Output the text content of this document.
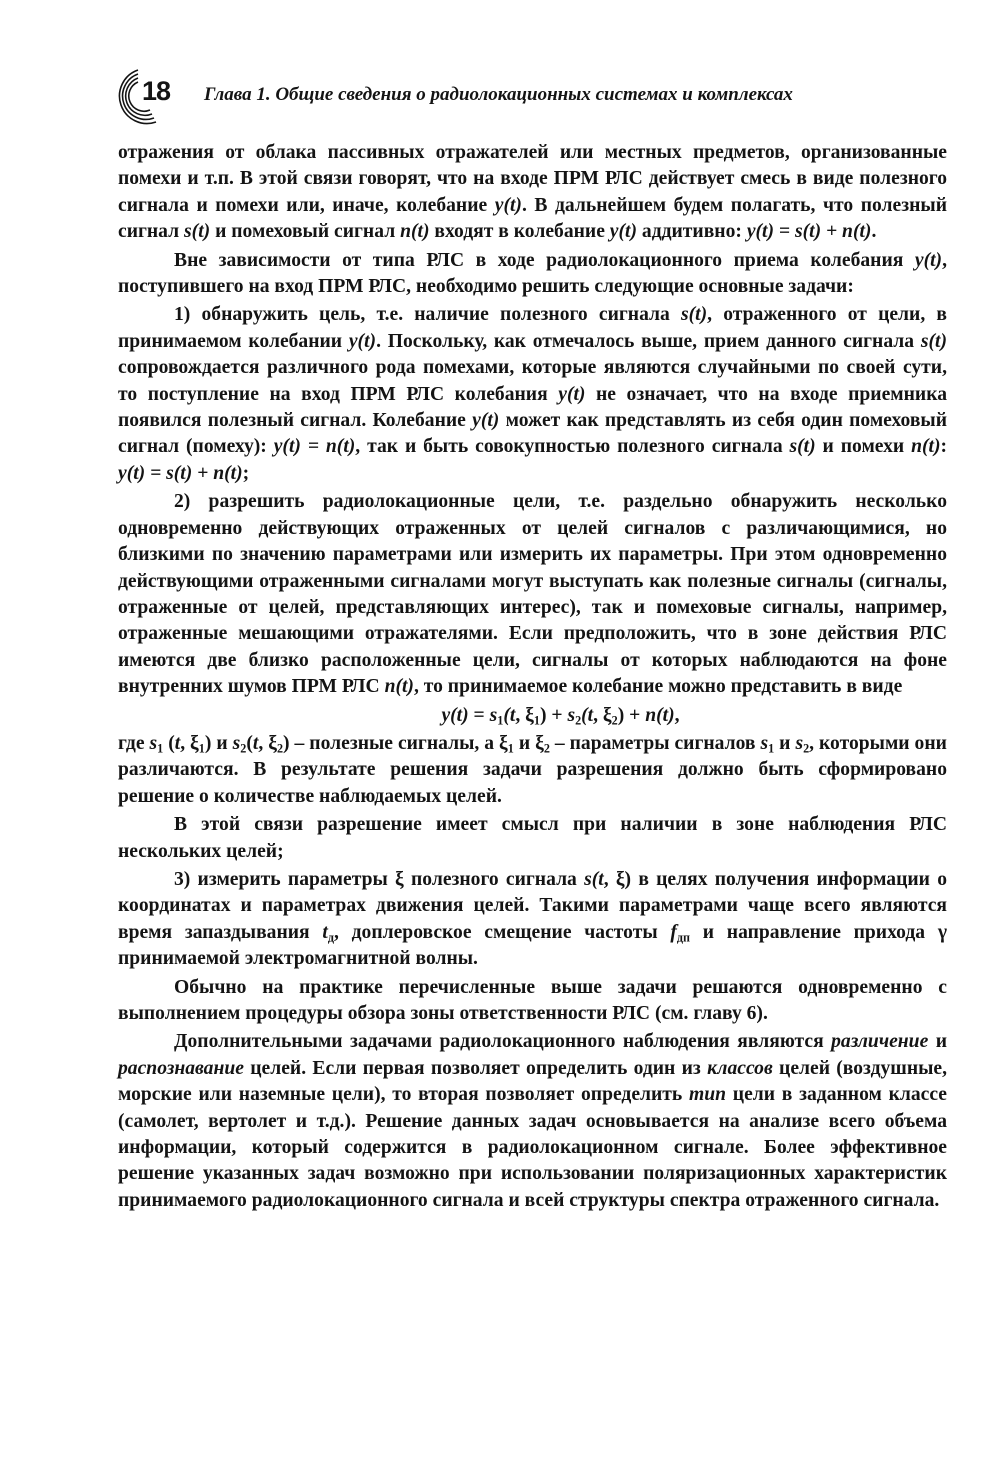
18 Глава 1. Общие сведения о радиолокационных системах и комплексах

отражения от облака пассивных отражателей или местных предметов, организованные помехи и т.п. В этой связи говорят, что на входе ПРМ РЛС действует смесь в виде полезного сигнала и помехи или, иначе, колебание y(t). В дальнейшем будем полагать, что полезный сигнал s(t) и помеховый сигнал n(t) входят в колебание y(t) аддитивно: y(t) = s(t) + n(t).

Вне зависимости от типа РЛС в ходе радиолокационного приема колебания y(t), поступившего на вход ПРМ РЛС, необходимо решить следующие основные задачи:

1) обнаружить цель, т.е. наличие полезного сигнала s(t), отраженного от цели, в принимаемом колебании y(t). Поскольку, как отмечалось выше, прием данного сигнала s(t) сопровождается различного рода помехами, которые являются случайными по своей сути, то поступление на вход ПРМ РЛС колебания y(t) не означает, что на входе приемника появился полезный сигнал. Колебание y(t) может как представлять из себя один помеховый сигнал (помеху): y(t) = n(t), так и быть совокупностью полезного сигнала s(t) и помехи n(t): y(t) = s(t) + n(t);

2) разрешить радиолокационные цели, т.е. раздельно обнаружить несколько одновременно действующих отраженных от целей сигналов с различающимися, но близкими по значению параметрами или измерить их параметры. При этом одновременно действующими отраженными сигналами могут выступать как полезные сигналы (сигналы, отраженные от целей, представляющих интерес), так и помеховые сигналы, например, отраженные мешающими отражателями. Если предположить, что в зоне действия РЛС имеются две близко расположенные цели, сигналы от которых наблюдаются на фоне внутренних шумов ПРМ РЛС n(t), то принимаемое колебание можно представить в виде

$y(t) = s_1(t$, $\xi_1) + s_2(t$, $\xi_2) + n(t)$,

где $s_1$ (t, $\xi_1$) и $s_2(t$, $\xi_2$) – полезные сигналы, а $\xi_1$ и $\xi_2$ – параметры сигналов $s_1$ и $s_2$, которыми они различаются. В результате решения задачи разрешения должно быть сформировано решение о количестве наблюдаемых целей.

В этой связи разрешение имеет смысл при наличии в зоне наблюдения РЛС нескольких целей;

3) измерить параметры ξ полезного сигнала s(t, ξ) в целях получения информации о координатах и параметрах движения целей. Такими параметрами чаще всего являются время запаздывания $t_д$, доплеровское смещение частоты $f_{дп}$ и направление прихода γ принимаемой электромагнитной волны.

Обычно на практике перечисленные выше задачи решаются одновременно с выполнением процедуры обзора зоны ответственности РЛС (см. главу 6).

Дополнительными задачами радиолокационного наблюдения являются различение и распознавание целей. Если первая позволяет определить один из классов целей (воздушные, морские или наземные цели), то вторая позволяет определить тип цели в заданном классе (самолет, вертолет и т.д.). Решение данных задач основывается на анализе всего объема информации, который содержится в радиолокационном сигнале. Более эффективное решение указанных задач возможно при использовании поляризационных характеристик принимаемого радиолокационного сигнала и всей структуры спектра отраженного сигнала.
